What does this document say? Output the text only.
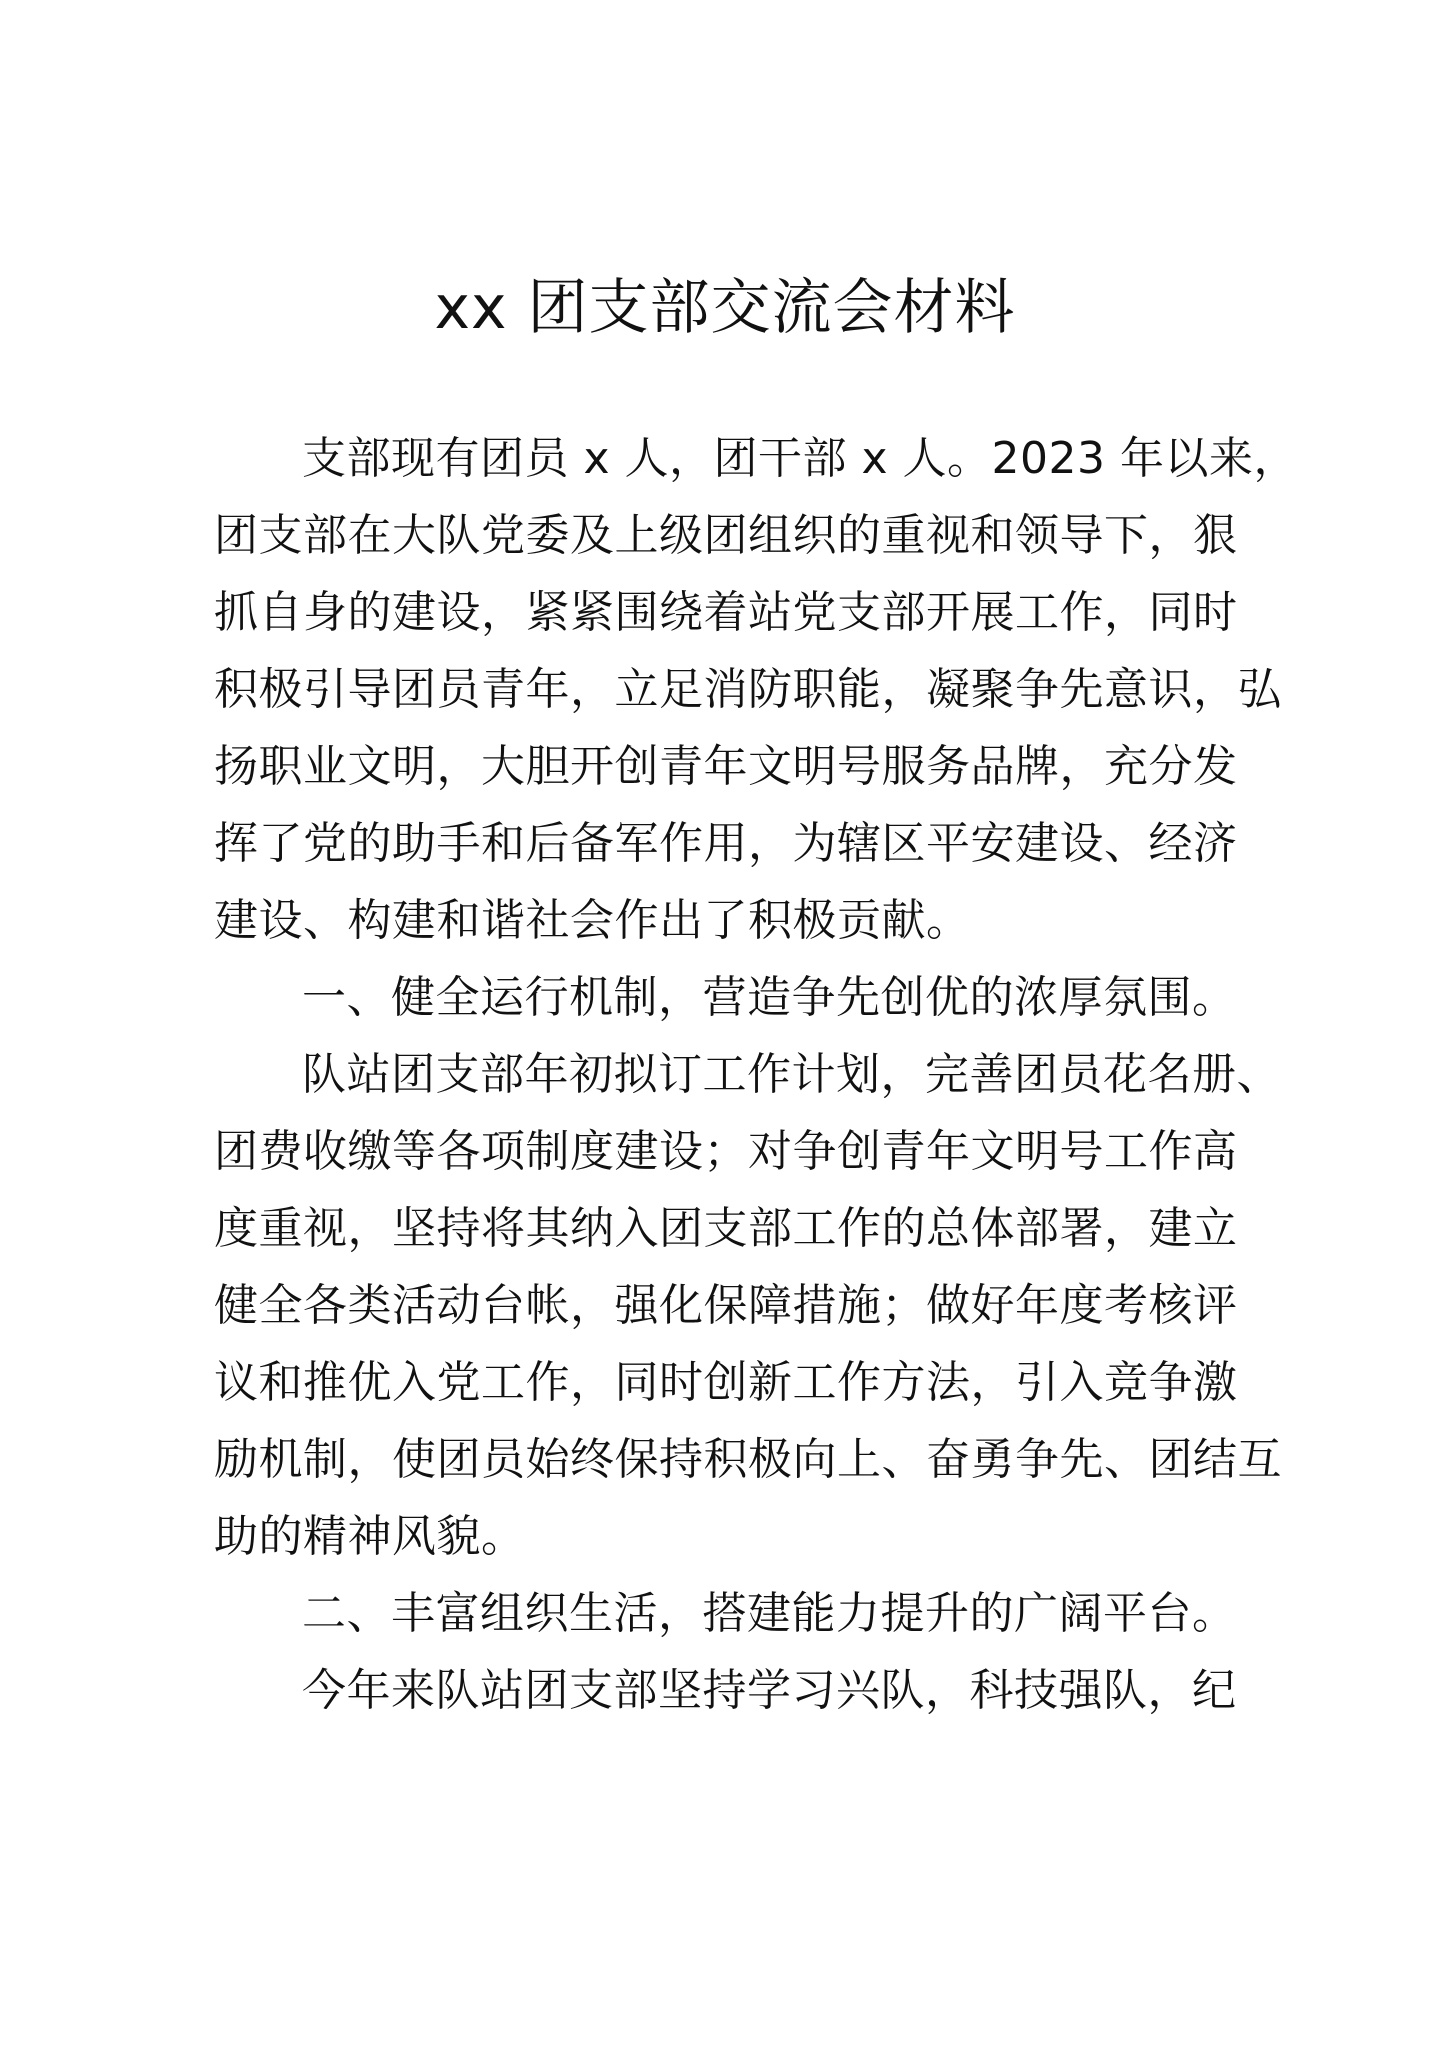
xx 团支部交流会材料
支部现有团员 x 人，团干部 x 人。2023 年以来，
团支部在大队党委及上级团组织的重视和领导下，狠
抓自身的建设，紧紧围绕着站党支部开展工作，同时
积极引导团员青年，立足消防职能，凝聚争先意识，弘
扬职业文明，大胆开创青年文明号服务品牌，充分发
挥了党的助手和后备军作用，为辖区平安建设、经济
建设、构建和谐社会作出了积极贡献。
一、健全运行机制，营造争先创优的浓厚氛围。
队站团支部年初拟订工作计划，完善团员花名册、
团费收缴等各项制度建设；对争创青年文明号工作高
度重视，坚持将其纳入团支部工作的总体部署，建立
健全各类活动台帐，强化保障措施；做好年度考核评
议和推优入党工作，同时创新工作方法，引入竞争激
励机制，使团员始终保持积极向上、奋勇争先、团结互
助的精神风貌。
二、丰富组织生活，搭建能力提升的广阔平台。
今年来队站团支部坚持学习兴队，科技强队，纪
